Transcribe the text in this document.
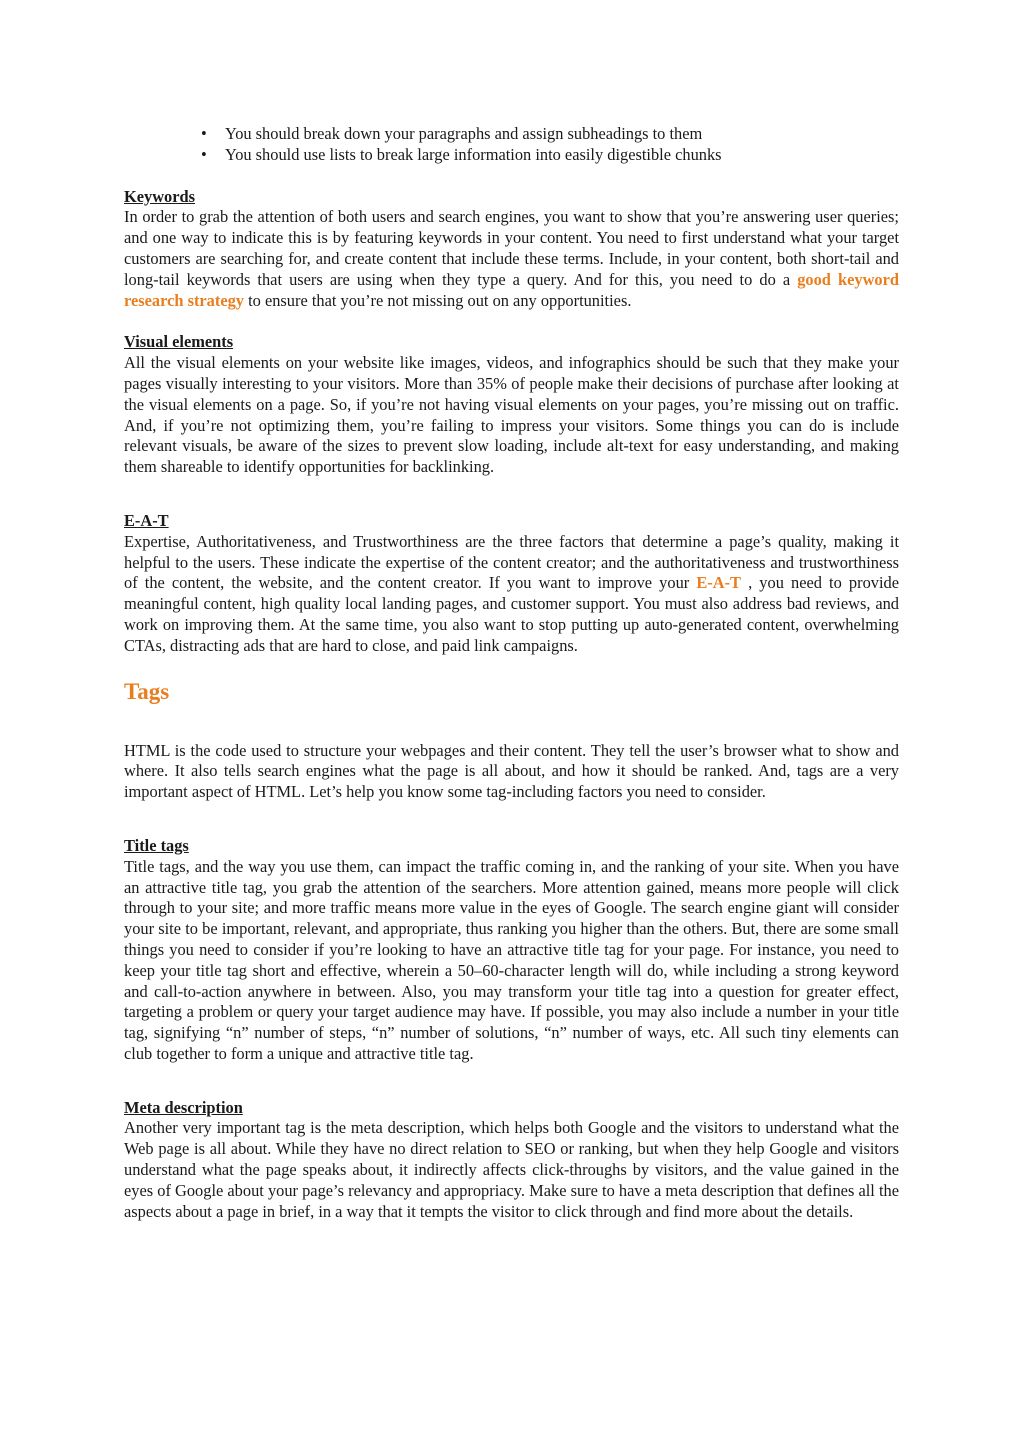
• You should break down your paragraphs and assign subheadings to them
• You should use lists to break large information into easily digestible chunks

Keywords

In order to grab the attention of both users and search engines, you want to show that you’re answering user queries; and one way to indicate this is by featuring keywords in your content. You need to first understand what your target customers are searching for, and create content that include these terms. Include, in your content, both short-tail and long-tail keywords that users are using when they type a query. And for this, you need to do a good keyword research strategy to ensure that you’re not missing out on any opportunities.

Visual elements

All the visual elements on your website like images, videos, and infographics should be such that they make your pages visually interesting to your visitors. More than 35% of people make their decisions of purchase after looking at the visual elements on a page. So, if you’re not having visual elements on your pages, you’re missing out on traffic. And, if you’re not optimizing them, you’re failing to impress your visitors. Some things you can do is include relevant visuals, be aware of the sizes to prevent slow loading, include alt-text for easy understanding, and making them shareable to identify opportunities for backlinking.

E-A-T

Expertise, Authoritativeness, and Trustworthiness are the three factors that determine a page’s quality, making it helpful to the users. These indicate the expertise of the content creator; and the authoritativeness and trustworthiness of the content, the website, and the content creator. If you want to improve your E-A-T , you need to provide meaningful content, high quality local landing pages, and customer support. You must also address bad reviews, and work on improving them. At the same time, you also want to stop putting up auto-generated content, overwhelming CTAs, distracting ads that are hard to close, and paid link campaigns.

Tags

HTML is the code used to structure your webpages and their content. They tell the user’s browser what to show and where. It also tells search engines what the page is all about, and how it should be ranked. And, tags are a very important aspect of HTML. Let’s help you know some tag-including factors you need to consider.

Title tags

Title tags, and the way you use them, can impact the traffic coming in, and the ranking of your site. When you have an attractive title tag, you grab the attention of the searchers. More attention gained, means more people will click through to your site; and more traffic means more value in the eyes of Google. The search engine giant will consider your site to be important, relevant, and appropriate, thus ranking you higher than the others. But, there are some small things you need to consider if you’re looking to have an attractive title tag for your page. For instance, you need to keep your title tag short and effective, wherein a 50–60-character length will do, while including a strong keyword and call-to-action anywhere in between. Also, you may transform your title tag into a question for greater effect, targeting a problem or query your target audience may have. If possible, you may also include a number in your title tag, signifying “n” number of steps, “n” number of solutions, “n” number of ways, etc. All such tiny elements can club together to form a unique and attractive title tag.

Meta description

Another very important tag is the meta description, which helps both Google and the visitors to understand what the Web page is all about. While they have no direct relation to SEO or ranking, but when they help Google and visitors understand what the page speaks about, it indirectly affects click-throughs by visitors, and the value gained in the eyes of Google about your page’s relevancy and appropriacy. Make sure to have a meta description that defines all the aspects about a page in brief, in a way that it tempts the visitor to click through and find more about the details.
